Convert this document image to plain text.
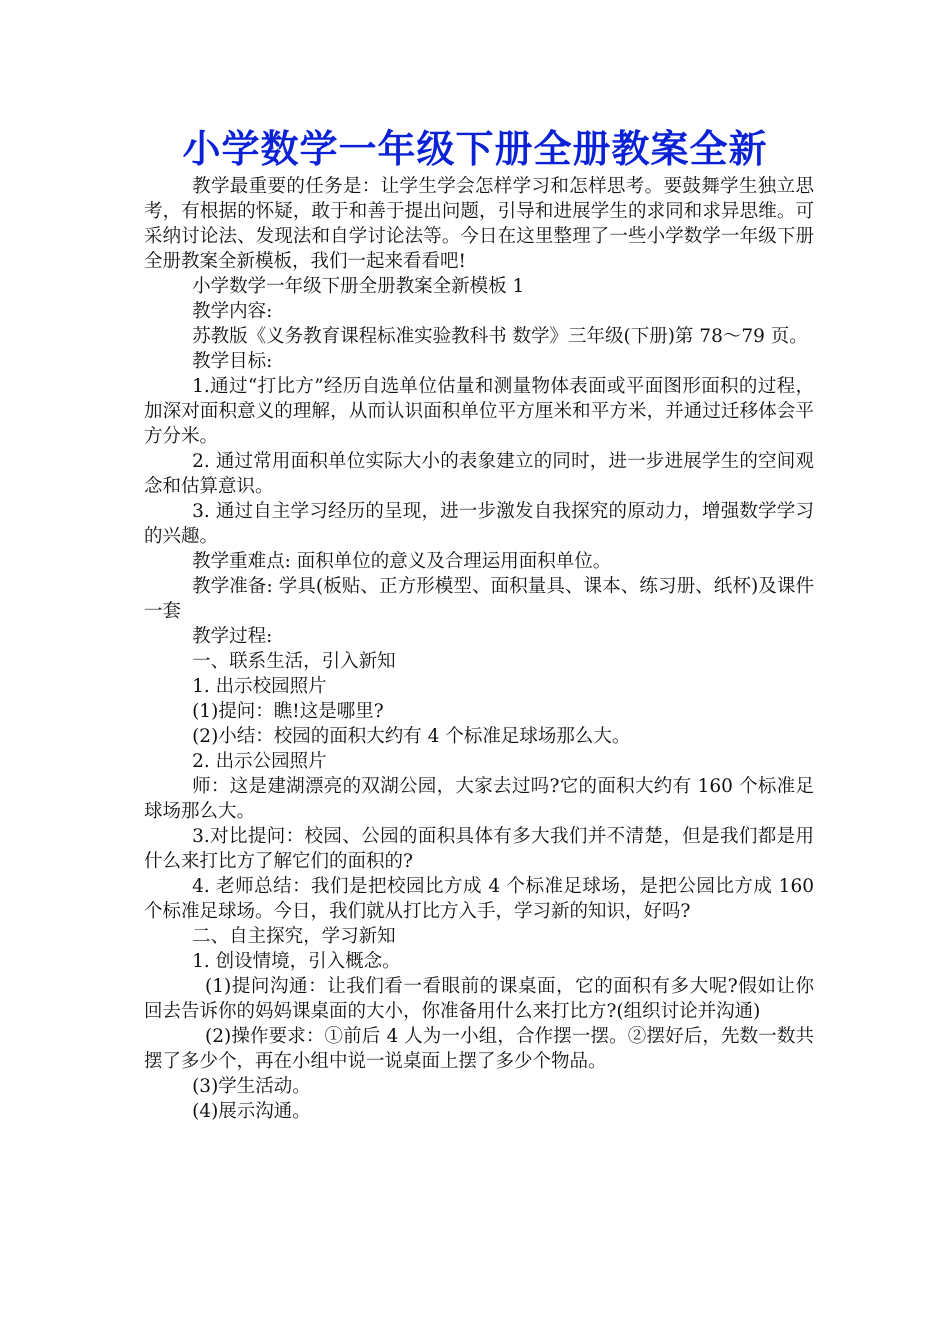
小学数学一年级下册全册教案全新

教学最重要的任务是：让学生学会怎样学习和怎样思考。要鼓舞学生独立思考，有根据的怀疑，敢于和善于提出问题，引导和进展学生的求同和求异思维。可采纳讨论法、发现法和自学讨论法等。今日在这里整理了一些小学数学一年级下册全册教案全新模板，我们一起来看看吧!

小学数学一年级下册全册教案全新模板 1

教学内容:

苏教版《义务教育课程标准实验教科书 数学》三年级(下册)第 78～79 页。

教学目标:

1.通过“打比方”经历自选单位估量和测量物体表面或平面图形面积的过程，加深对面积意义的理解，从而认识面积单位平方厘米和平方米，并通过迁移体会平方分米。

2. 通过常用面积单位实际大小的表象建立的同时，进一步进展学生的空间观念和估算意识。

3. 通过自主学习经历的呈现，进一步激发自我探究的原动力，增强数学学习的兴趣。

教学重难点: 面积单位的意义及合理运用面积单位。

教学准备: 学具(板贴、正方形模型、面积量具、课本、练习册、纸杯)及课件一套

教学过程:

一、联系生活，引入新知

1. 出示校园照片

(1)提问：瞧!这是哪里?

(2)小结：校园的面积大约有 4 个标准足球场那么大。

2. 出示公园照片

师：这是建湖漂亮的双湖公园，大家去过吗?它的面积大约有 160 个标准足球场那么大。

3.对比提问：校园、公园的面积具体有多大我们并不清楚，但是我们都是用什么来打比方了解它们的面积的?

4. 老师总结：我们是把校园比方成 4 个标准足球场，是把公园比方成 160 个标准足球场。今日，我们就从打比方入手，学习新的知识，好吗?

二、自主探究，学习新知

1. 创设情境，引入概念。

(1)提问沟通：让我们看一看眼前的课桌面，它的面积有多大呢?假如让你回去告诉你的妈妈课桌面的大小，你准备用什么来打比方?(组织讨论并沟通)

(2)操作要求：①前后 4 人为一小组，合作摆一摆。②摆好后，先数一数共摆了多少个，再在小组中说一说桌面上摆了多少个物品。

(3)学生活动。

(4)展示沟通。
